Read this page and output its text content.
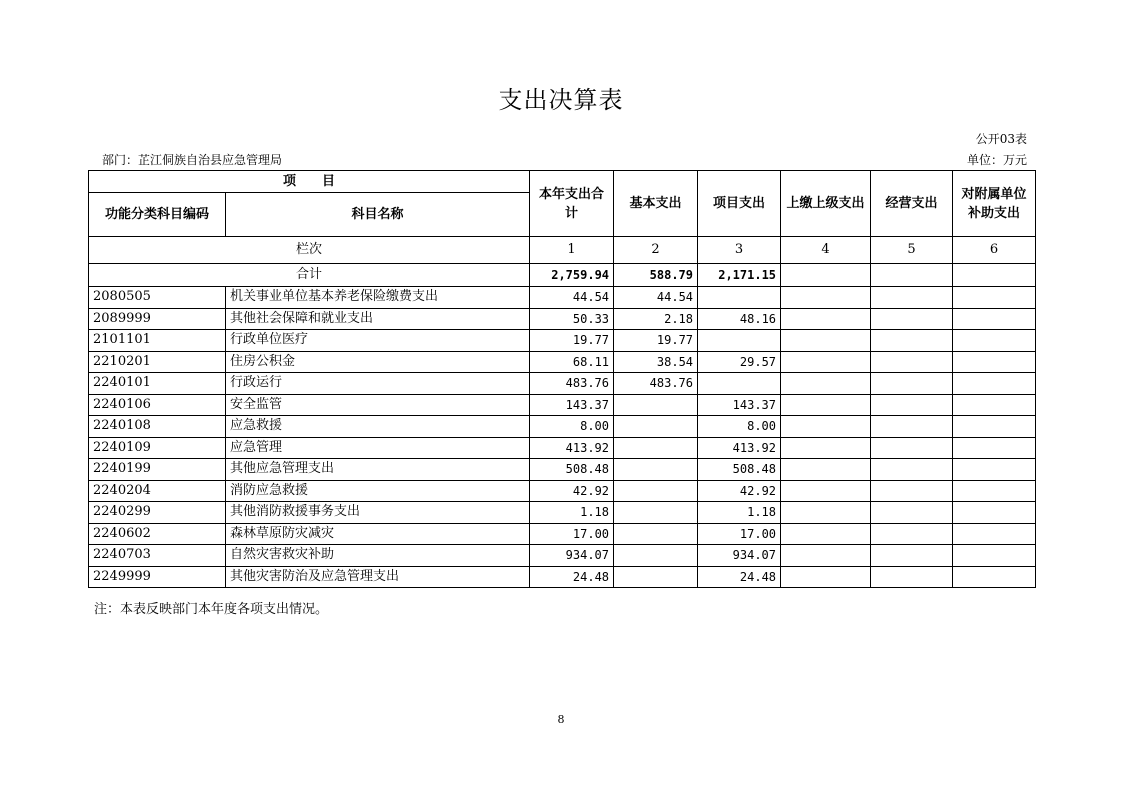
支出决算表
公开03表
部门：芷江侗族自治县应急管理局	单位：万元
项　　目		本年支出合计	基本支出	项目支出	上缴上级支出	经营支出	对附属单位补助支出
功能分类科目编码	科目名称						
栏次		1	2	3	4	5	6
合计		2,759.94	588.79	2,171.15			
2080505	机关事业单位基本养老保险缴费支出	44.54	44.54				
2089999	其他社会保障和就业支出	50.33	2.18	48.16			
2101101	行政单位医疗	19.77	19.77				
2210201	住房公积金	68.11	38.54	29.57			
2240101	行政运行	483.76	483.76				
2240106	安全监管	143.37		143.37			
2240108	应急救援	8.00		8.00			
2240109	应急管理	413.92		413.92			
2240199	其他应急管理支出	508.48		508.48			
2240204	消防应急救援	42.92		42.92			
2240299	其他消防救援事务支出	1.18		1.18			
2240602	森林草原防灾减灾	17.00		17.00			
2240703	自然灾害救灾补助	934.07		934.07			
2249999	其他灾害防治及应急管理支出	24.48		24.48			
注：本表反映部门本年度各项支出情况。
8
